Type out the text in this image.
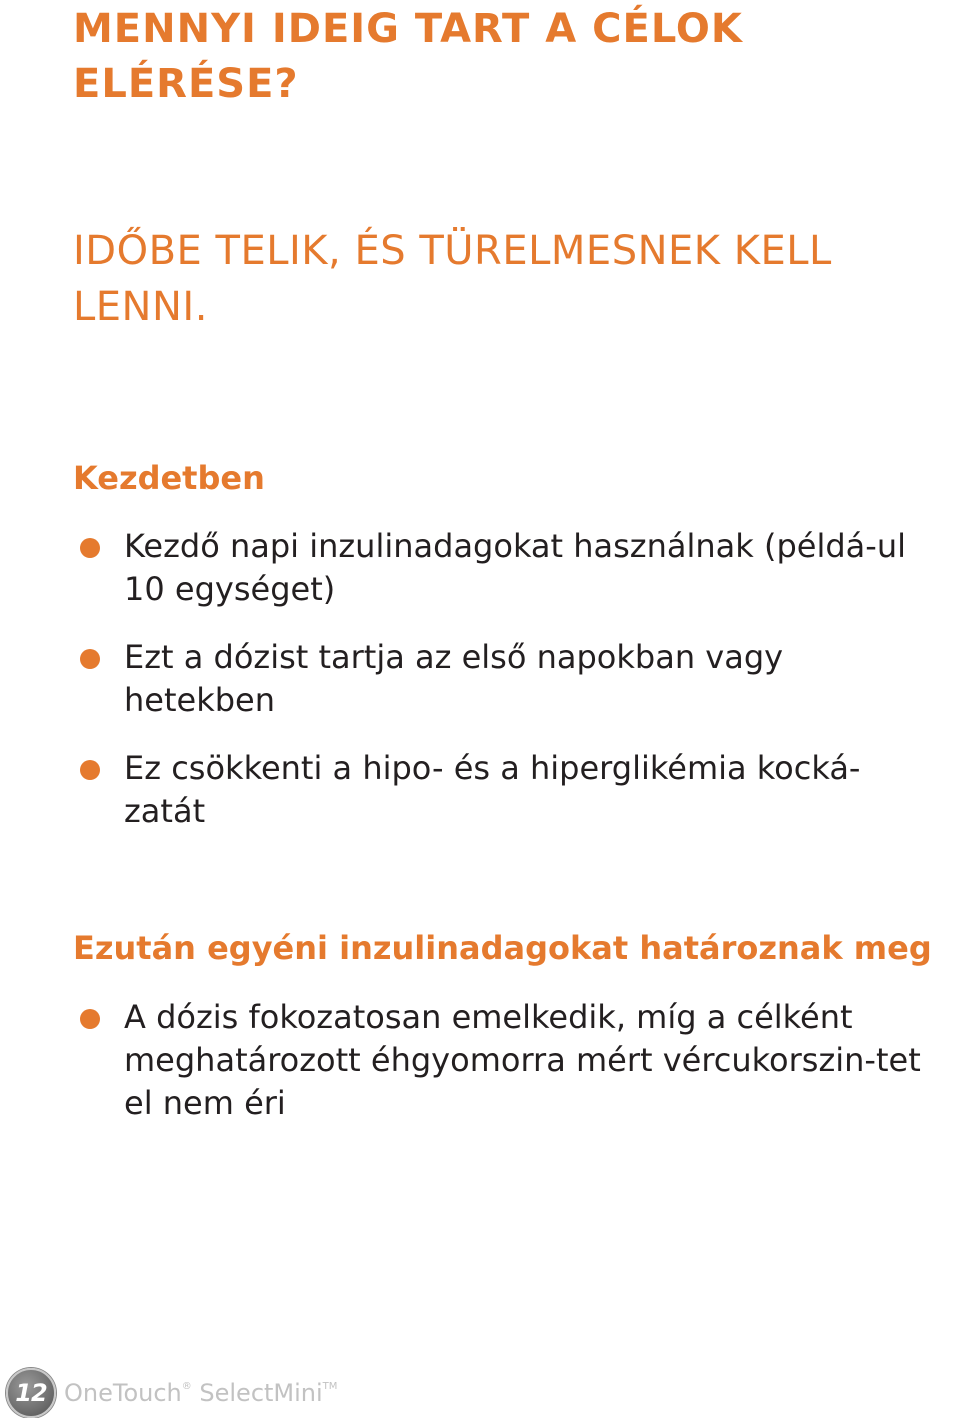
MENNYI IDEIG TART A CÉLOK ELÉRÉSE?
IDŐBE TELIK, ÉS TÜRELMESNEK KELL LENNI.
Kezdetben
Kezdő napi inzulinadagokat használnak (példá-ul 10 egységet)
Ezt a dózist tartja az első napokban vagy hetekben
Ez csökkenti a hipo- és a hiperglikémia kocká-zatát
Ezután egyéni inzulinadagokat határoznak meg
A dózis fokozatosan emelkedik, míg a célként meghatározott éhgyomorra mért vércukorszin-tet el nem éri
12 OneTouch® SelectMini™
